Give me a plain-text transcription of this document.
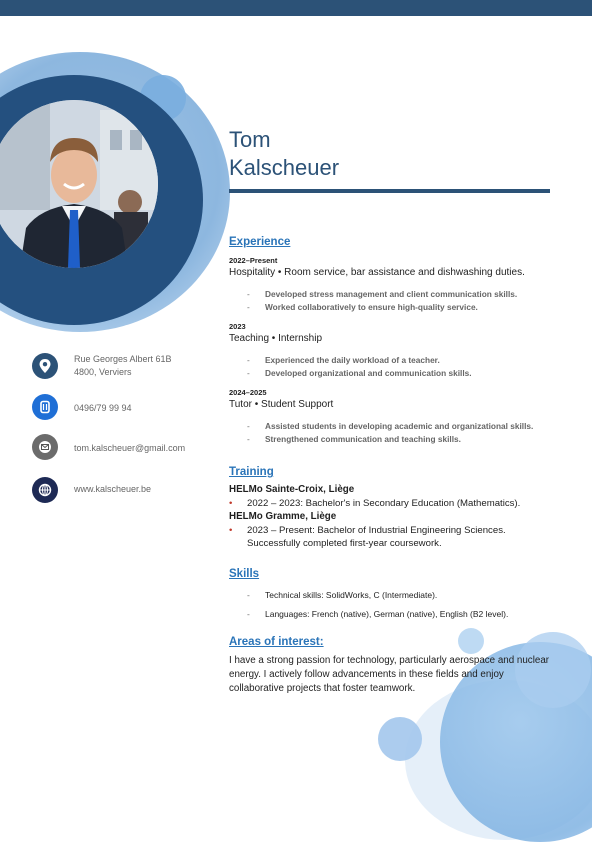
Tom
Kalscheuer
Rue Georges Albert 61B
4800, Verviers
0496/79 99 94
tom.kalscheuer@gmail.com
www.kalscheuer.be
Experience
2022–Present
Hospitality • Room service, bar assistance and dishwashing duties.
- Developed stress management and client communication skills.
- Worked collaboratively to ensure high-quality service.
2023
Teaching • Internship
- Experienced the daily workload of a teacher.
- Developed organizational and communication skills.
2024–2025
Tutor • Student Support
- Assisted students in developing academic and organizational skills.
- Strengthened communication and teaching skills.
Training
HELMo Sainte-Croix, Liège
• 2022 – 2023: Bachelor's in Secondary Education (Mathematics).
HELMo Gramme, Liège
• 2023 – Present: Bachelor of Industrial Engineering Sciences. Successfully completed first-year coursework.
Skills
- Technical skills: SolidWorks, C (Intermediate).
- Languages: French (native), German (native), English (B2 level).
Areas of interest:
I have a strong passion for technology, particularly aerospace and nuclear energy. I actively follow advancements in these fields and enjoy collaborative projects that foster teamwork.
